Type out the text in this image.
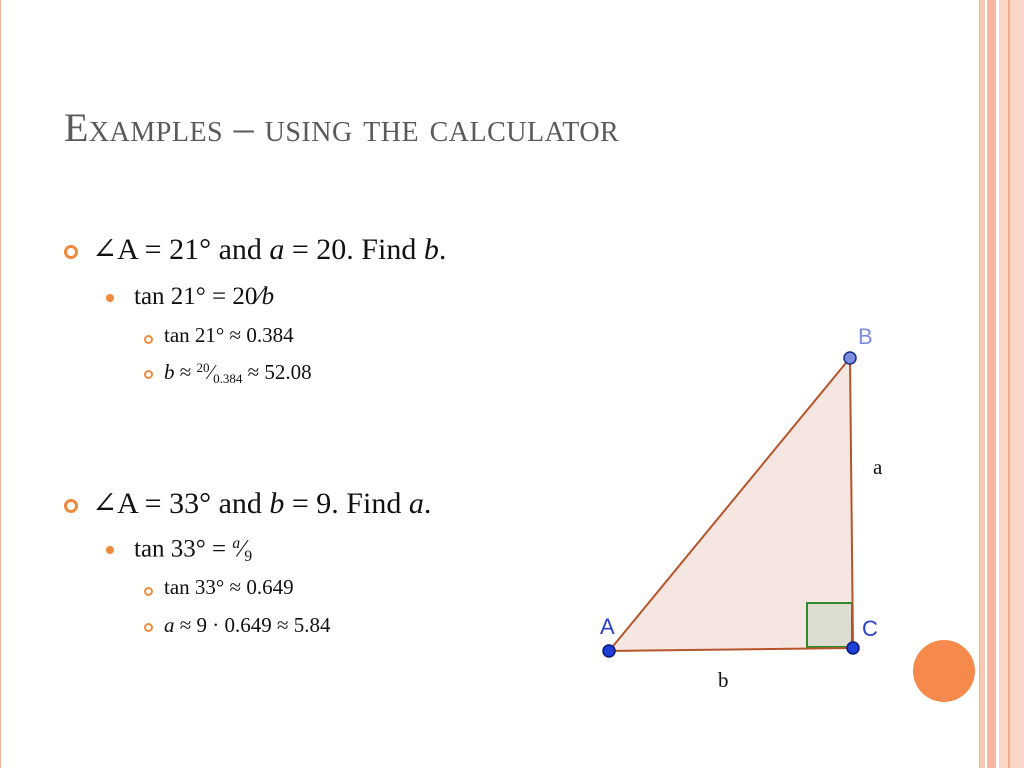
Examples – using the calculator
∠A = 21° and a = 20. Find b.
tan 21° = 20⁄b
tan 21° ≈ 0.384
$b \approx ^{20}⁄_{0.384} \approx 52.08$
∠A = 33° and b = 9. Find a.
$\tan 33^\circ = ^a⁄_9$
tan 33° ≈ 0.649
a ≈ 9 · 0.649 ≈ 5.84	A
B
C
a
b
